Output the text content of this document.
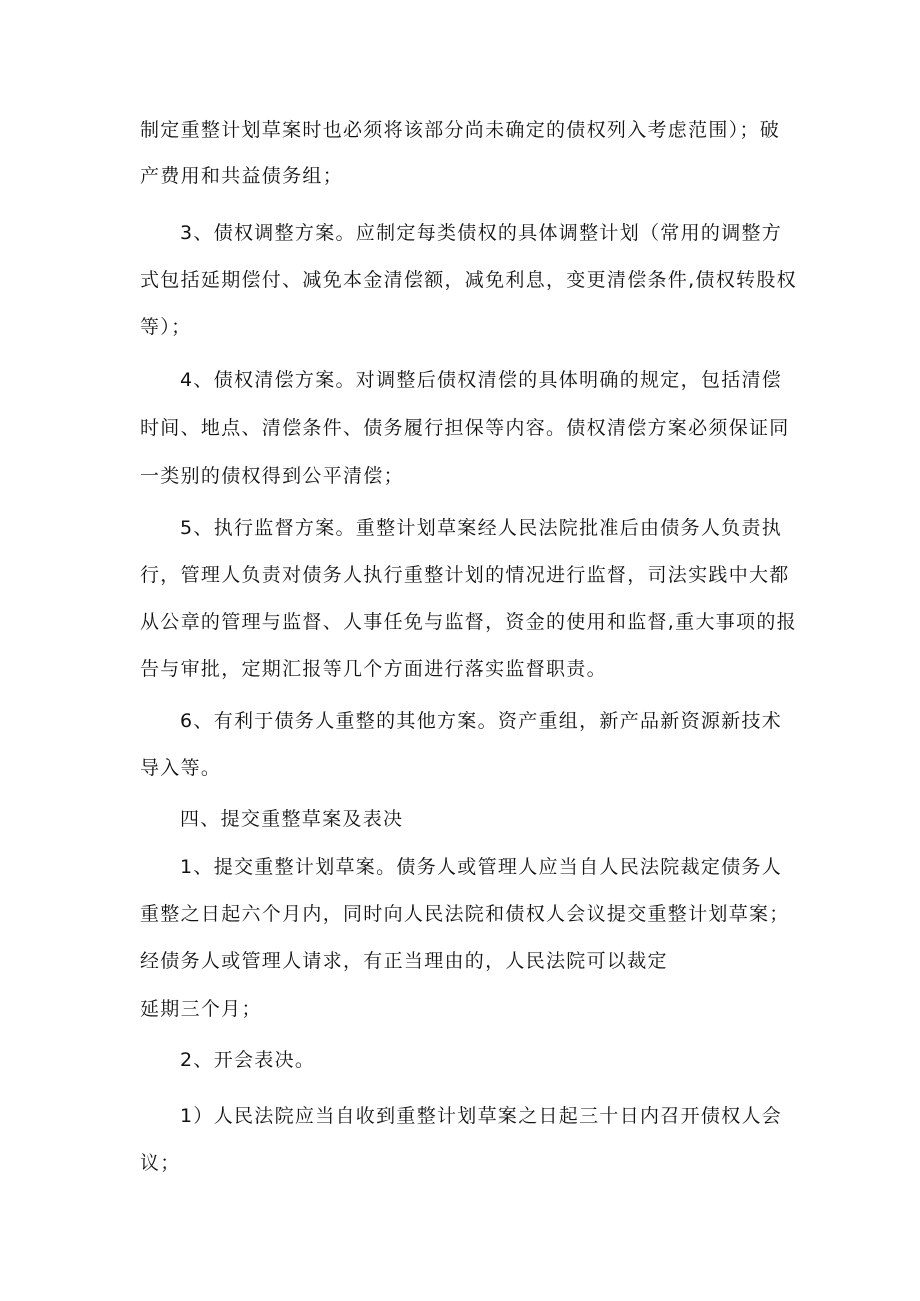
制定重整计划草案时也必须将该部分尚未确定的债权列入考虑范围）；破

产费用和共益债务组；

3、债权调整方案。应制定每类债权的具体调整计划（常用的调整方

式包括延期偿付、减免本金清偿额，减免利息，变更清偿条件,债权转股权

等）；

4、债权清偿方案。对调整后债权清偿的具体明确的规定，包括清偿

时间、地点、清偿条件、债务履行担保等内容。债权清偿方案必须保证同

一类别的债权得到公平清偿；

5、执行监督方案。重整计划草案经人民法院批准后由债务人负责执

行，管理人负责对债务人执行重整计划的情况进行监督，司法实践中大都

从公章的管理与监督、人事任免与监督，资金的使用和监督,重大事项的报

告与审批，定期汇报等几个方面进行落实监督职责。

6、有利于债务人重整的其他方案。资产重组，新产品新资源新技术

导入等。

四、提交重整草案及表决

1、提交重整计划草案。债务人或管理人应当自人民法院裁定债务人

重整之日起六个月内，同时向人民法院和债权人会议提交重整计划草案；

经债务人或管理人请求，有正当理由的，人民法院可以裁定

延期三个月；

2、开会表决。

1）人民法院应当自收到重整计划草案之日起三十日内召开债权人会

议；
